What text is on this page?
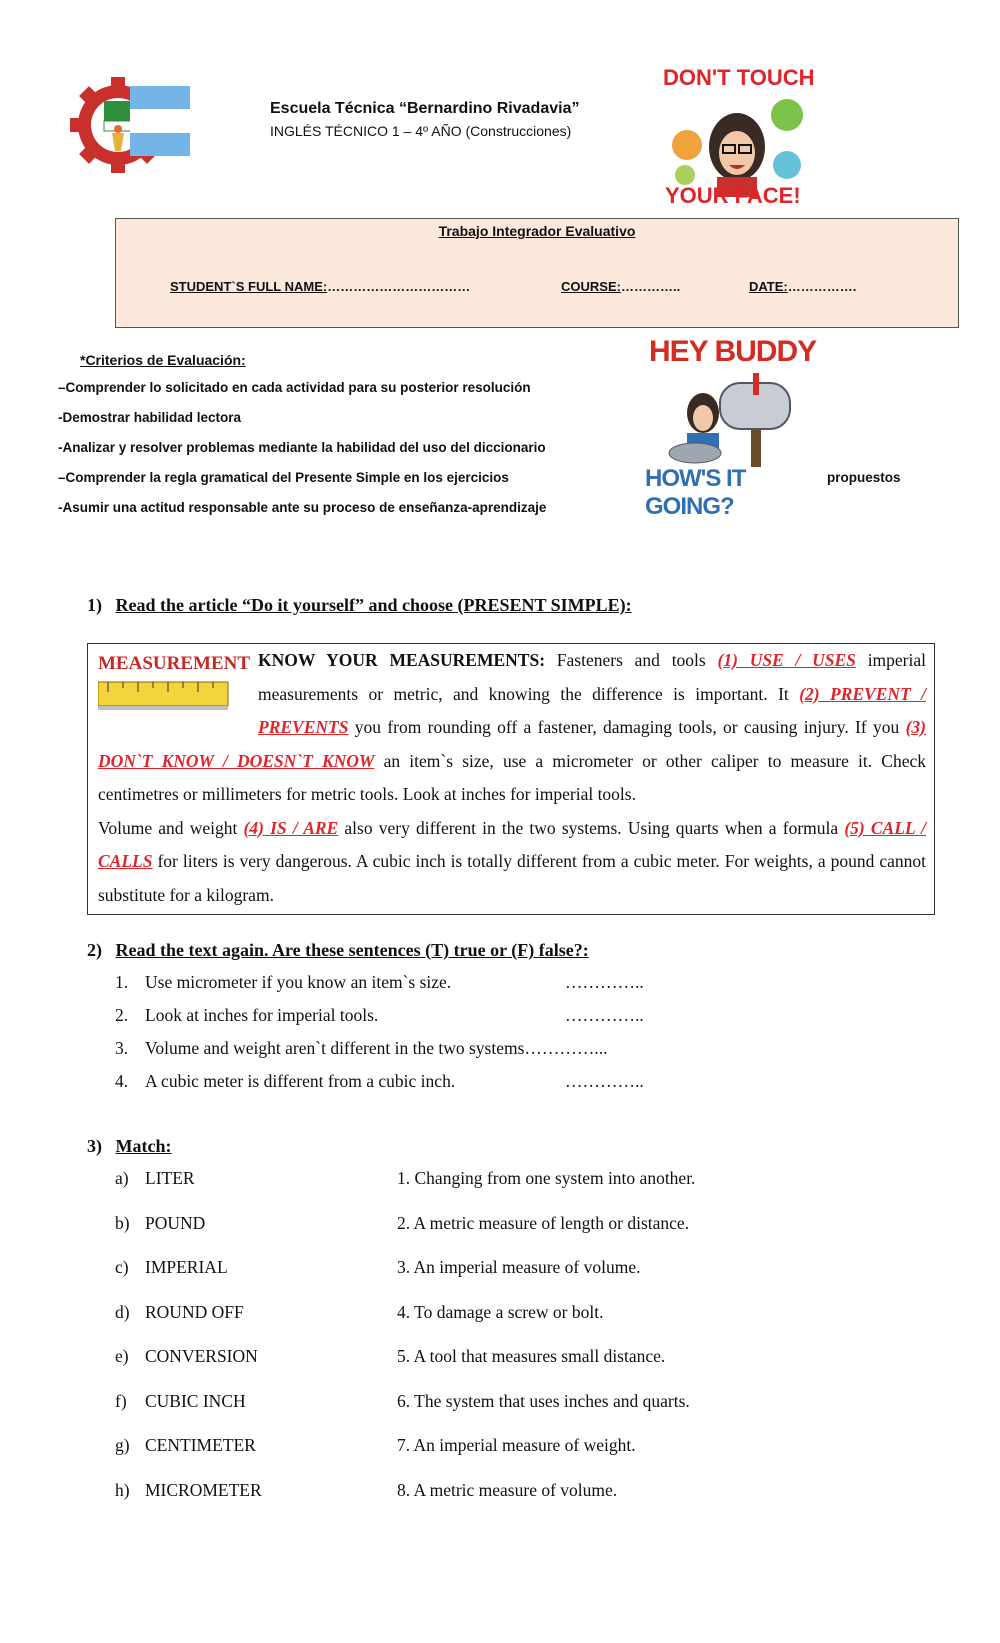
Escuela Técnica “Bernardino Rivadavia”
INGLÉS TÉCNICO 1 – 4º AÑO (Construcciones)
DON'T TOUCH
YOUR FACE!
Trabajo Integrador Evaluativo
STUDENT`S FULL NAME:……………………………	COURSE:…………..	DATE:…………….
*Criterios de Evaluación:
–Comprender lo solicitado en cada actividad para su posterior resolución
-Demostrar habilidad lectora
-Analizar y resolver problemas mediante la habilidad del uso del diccionario
–Comprender la regla gramatical del Presente Simple en los ejercicios
-Asumir una actitud responsable ante su proceso de enseñanza-aprendizaje
propuestos
HEY BUDDY
HOW'S IT GOING?
1) Read the article “Do it yourself” and choose (PRESENT SIMPLE):
MEASUREMENT KNOW YOUR MEASUREMENTS: Fasteners and tools (1) USE / USES imperial measurements or metric, and knowing the difference is important. It (2) PREVENT / PREVENTS you from rounding off a fastener, damaging tools, or causing injury. If you (3) DON`T KNOW / DOESN`T KNOW an item`s size, use a micrometer or other caliper to measure it. Check centimetres or millimeters for metric tools. Look at inches for imperial tools.
Volume and weight (4) IS / ARE also very different in the two systems. Using quarts when a formula (5) CALL / CALLS for liters is very dangerous. A cubic inch is totally different from a cubic meter. For weights, a pound cannot substitute for a kilogram.
2) Read the text again. Are these sentences (T) true or (F) false?:
1. Use micrometer if you know an item`s size.	…………..
2. Look at inches for imperial tools.	…………..
3. Volume and weight aren`t different in the two systems…………...
4. A cubic meter is different from a cubic inch.	…………..
3) Match:
a) LITER	1. Changing from one system into another.
b) POUND	2. A metric measure of length or distance.
c) IMPERIAL	3. An imperial measure of volume.
d) ROUND OFF	4. To damage a screw or bolt.
e) CONVERSION	5. A tool that measures small distance.
f) CUBIC INCH	6. The system that uses inches and quarts.
g) CENTIMETER	7. An imperial measure of weight.
h) MICROMETER	8. A metric measure of volume.
